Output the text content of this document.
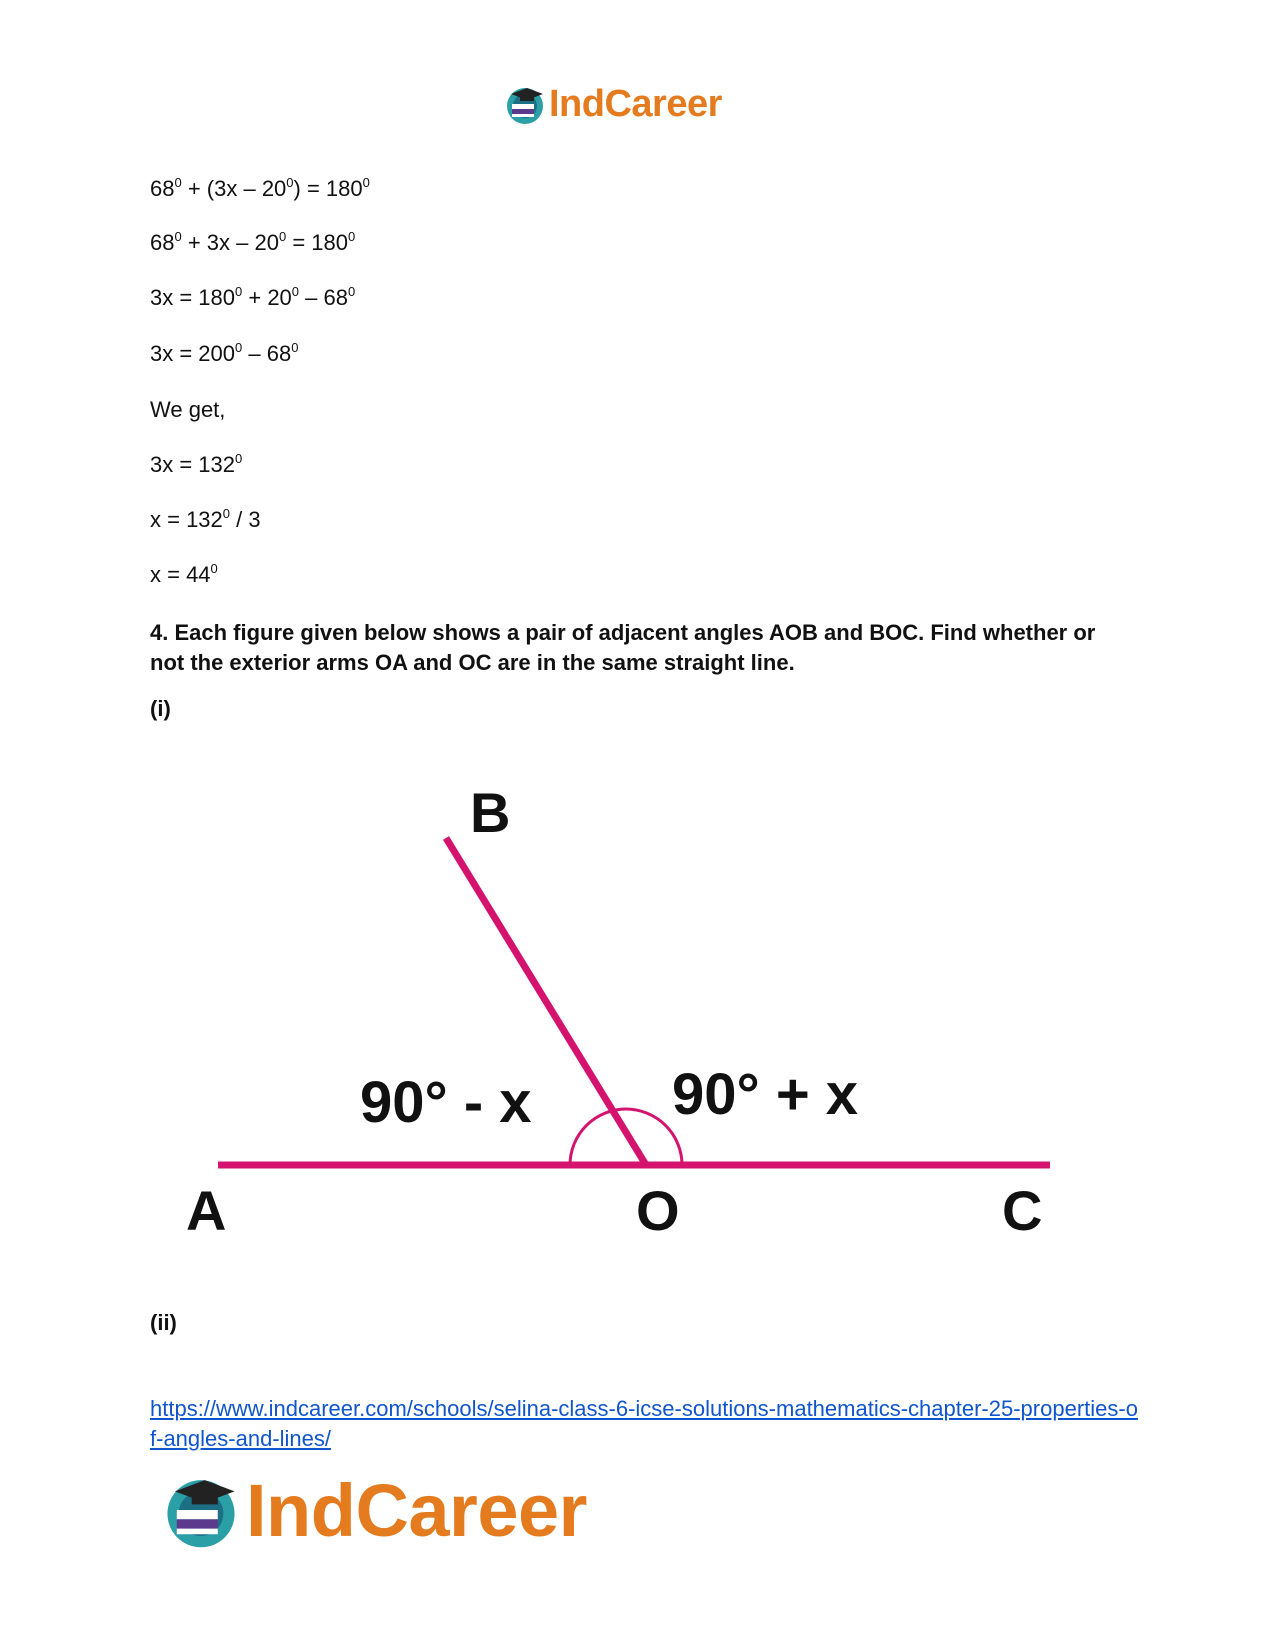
IndCareer
$68^0 + (3x - 20^0) = 180^0$
$68^0 + 3x - 20^0 = 180^0$
$3x = 180^0 + 20^0 - 68^0$
$3x = 200^0 - 68^0$
We get,
$3x = 132^0$
$x = 132^0 / 3$
$x = 44^0$
4. Each figure given below shows a pair of adjacent angles AOB and BOC. Find whether or not the exterior arms OA and OC are in the same straight line.
(i)
B
A	O	C
90° - x 90° + x
(ii)
https://www.indcareer.com/schools/selina-class-6-icse-solutions-mathematics-chapter-25-properties-of-angles-and-lines/
IndCareer
